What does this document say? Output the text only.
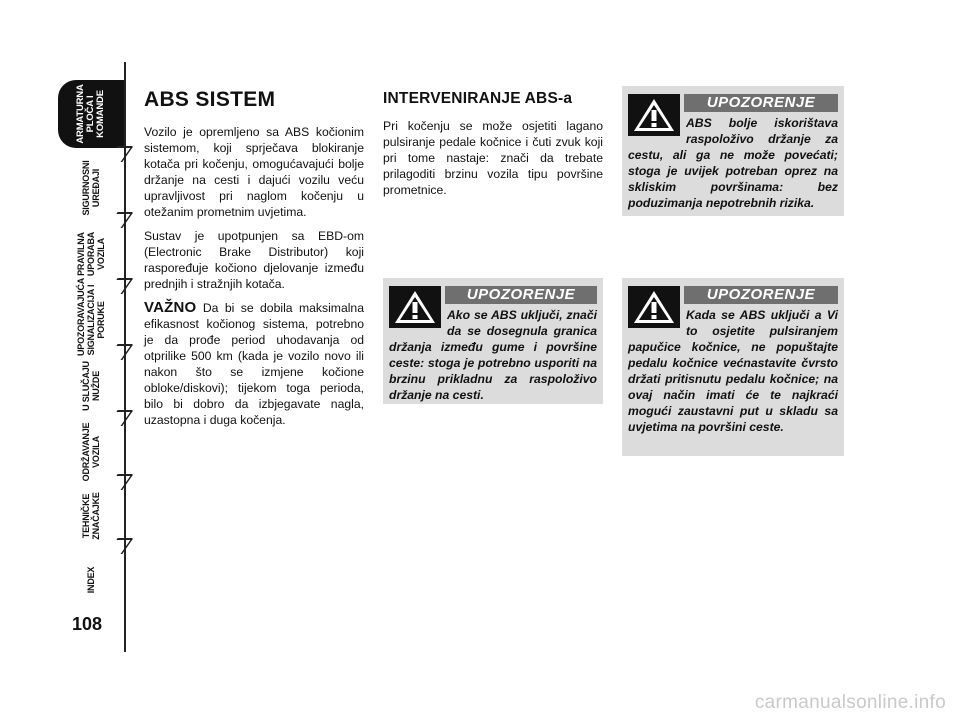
ARMATURNA
PLOČA I
KOMANDE
SIGURNOSNI
UREĐAJI
PRAVILNA
UPORABA
VOZILA
UPOZORAVAJUĆA
SIGNALIZACIJA I
PORUKE
U SLUČAJU
NUŽDE
ODRŽAVANJE
VOZILA
TEHNIČKE
ZNAČAJKE
INDEX
108
ABS SISTEM

Vozilo je opremljeno sa ABS kočionim sistemom, koji sprječava blokiranje kotača pri kočenju, omogućavajući bolje držanje na cesti i dajući vozilu veću upravljivost pri naglom kočenju u otežanim prometnim uvjetima.

Sustav je upotpunjen sa EBD-om (Electronic Brake Distributor) koji raspoređuje kočiono djelovanje između prednjih i stražnjih kotača.

VAŽNO Da bi se dobila maksimalna efikasnost kočionog sistema, potrebno je da prođe period uhodavanja od otprilike 500 km (kada je vozilo novo ili nakon što se izmjene kočione obloke/diskovi); tijekom toga perioda, bilo bi dobro da izbjegavate nagla, uzastopna i duga kočenja.

INTERVENIRANJE ABS-a

Pri kočenju se može osjetiti lagano pulsiranje pedale kočnice i čuti zvuk koji pri tome nastaje: znači da trebate prilagoditi brzinu vozila tipu površine prometnice.

UPOZORENJE

ABS bolje iskorištava raspoloživo držanje za cestu, ali ga ne može povećati; stoga je uvijek potreban oprez na skliskim površinama: bez poduzimanja nepotrebnih rizika.

UPOZORENJE

Ako se ABS uključi, znači da se dosegnula granica držanja između gume i površine ceste: stoga je potrebno usporiti na brzinu prikladnu za raspoloživo držanje na cesti.

UPOZORENJE

Kada se ABS uključi a Vi to osjetite pulsiranjem papučice kočnice, ne popuštajte pedalu kočnice većnastavite čvrsto držati pritisnutu pedalu kočnice; na ovaj način imati će te najkraći mogući zaustavni put u skladu sa uvjetima na površini ceste.

carmanualsonline.info
